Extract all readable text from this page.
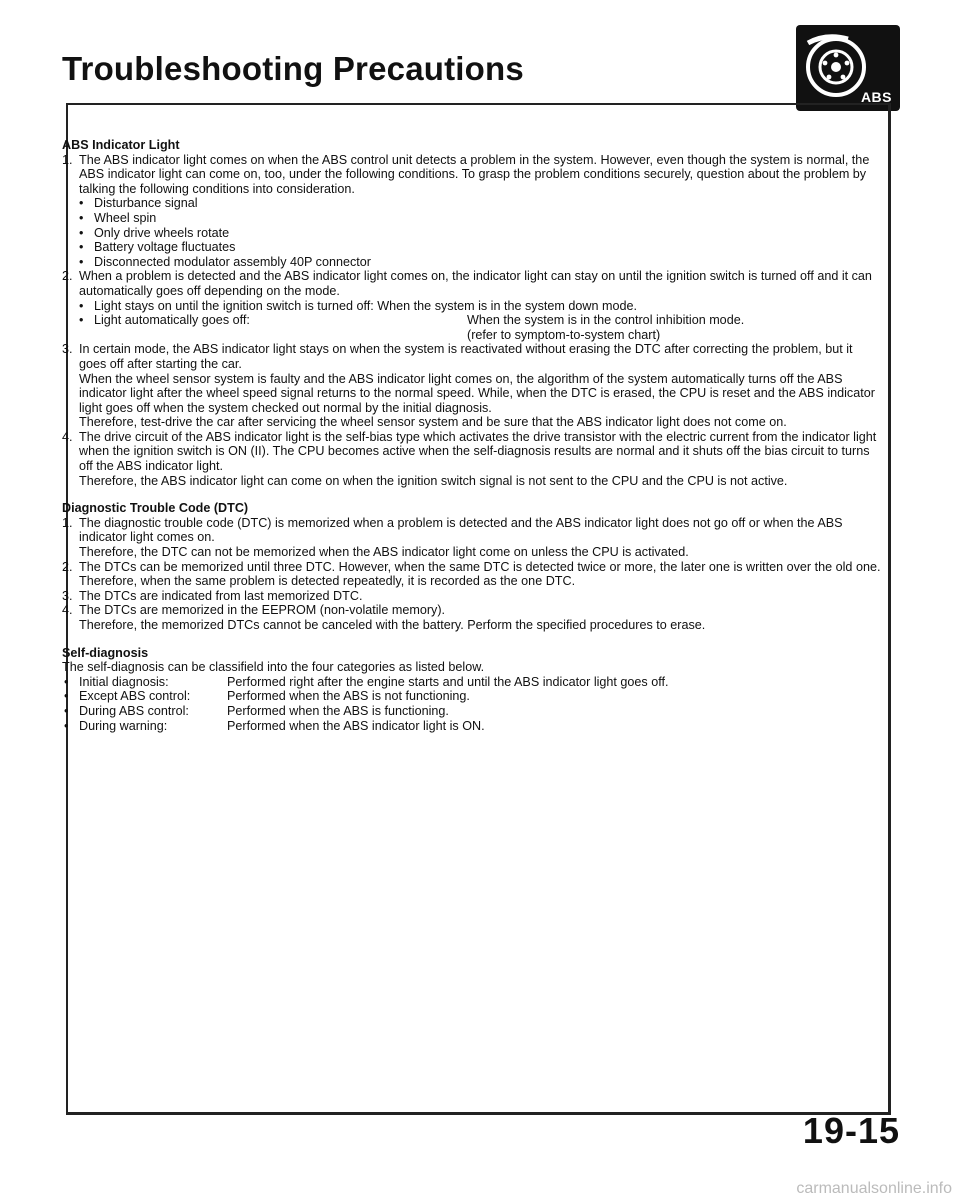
Troubleshooting Precautions
ABS

ABS Indicator Light

1. The ABS indicator light comes on when the ABS control unit detects a problem in the system. However, even though the system is normal, the ABS indicator light can come on, too, under the following conditions. To grasp the problem conditions securely, question about the problem by talking the following conditions into consideration.

• Disturbance signal
• Wheel spin
• Only drive wheels rotate
• Battery voltage fluctuates
• Disconnected modulator assembly 40P connector
2. When a problem is detected and the ABS indicator light comes on, the indicator light can stay on until the ignition switch is turned off and it can automatically goes off depending on the mode.

• Light stays on until the ignition switch is turned off: When the system is in the system down mode.
• Light automatically goes off:	When the system is in the control inhibition mode.
(refer to symptom-to-system chart)
3. In certain mode, the ABS indicator light stays on when the system is reactivated without erasing the DTC after correcting the problem, but it goes off after starting the car.

When the wheel sensor system is faulty and the ABS indicator light comes on, the algorithm of the system automatically turns off the ABS indicator light after the wheel speed signal returns to the normal speed. While, when the DTC is erased, the CPU is reset and the ABS indicator light goes off when the system checked out normal by the initial diagnosis.

Therefore, test-drive the car after servicing the wheel sensor system and be sure that the ABS indicator light does not come on.

4. The drive circuit of the ABS indicator light is the self-bias type which activates the drive transistor with the electric current from the indicator light when the ignition switch is ON (II). The CPU becomes active when the self-diagnosis results are normal and it shuts off the bias circuit to turns off the ABS indicator light.

Therefore, the ABS indicator light can come on when the ignition switch signal is not sent to the CPU and the CPU is not active.

Diagnostic Trouble Code (DTC)

1. The diagnostic trouble code (DTC) is memorized when a problem is detected and the ABS indicator light does not go off or when the ABS indicator light comes on.

Therefore, the DTC can not be memorized when the ABS indicator light come on unless the CPU is activated.

2. The DTCs can be memorized until three DTC. However, when the same DTC is detected twice or more, the later one is written over the old one.

Therefore, when the same problem is detected repeatedly, it is recorded as the one DTC.

3. The DTCs are indicated from last memorized DTC.

4. The DTCs are memorized in the EEPROM (non-volatile memory).

Therefore, the memorized DTCs cannot be canceled with the battery. Perform the specified procedures to erase.

Self-diagnosis

The self-diagnosis can be classifield into the four categories as listed below.

• Initial diagnosis:	Performed right after the engine starts and until the ABS indicator light goes off.
• Except ABS control:	Performed when the ABS is not functioning.
• During ABS control:	Performed when the ABS is functioning.
• During warning:	Performed when the ABS indicator light is ON.
19-15
carmanualsonline.info
